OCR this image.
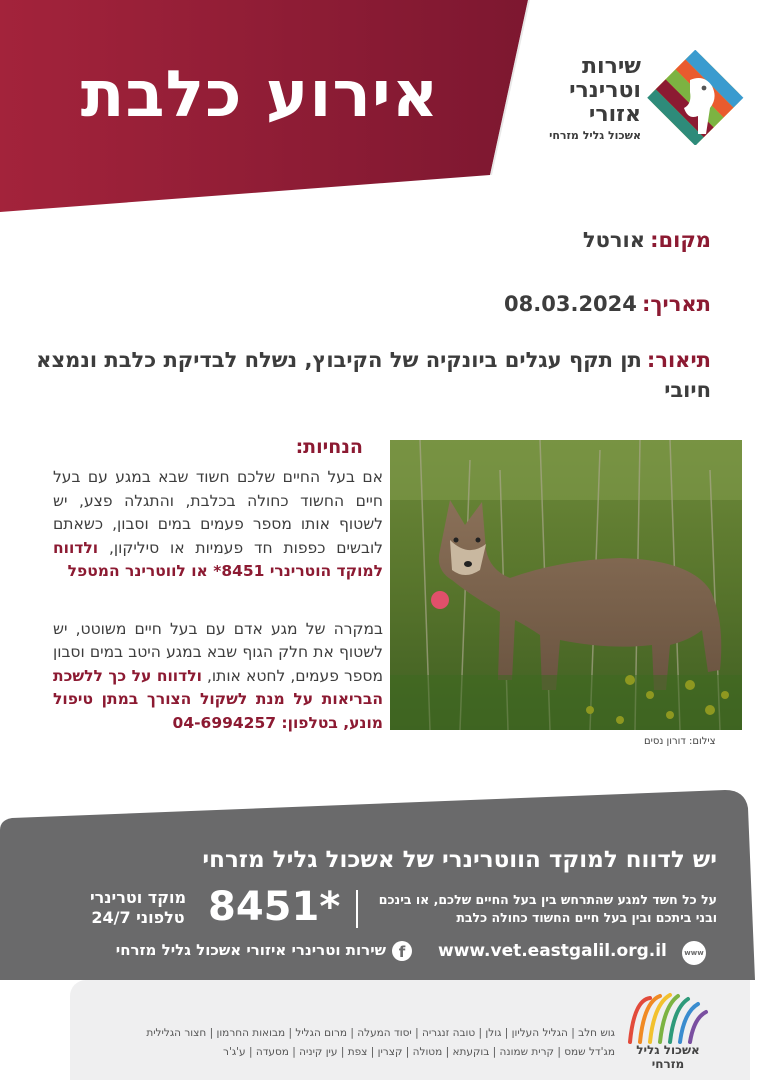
אירוע כלבת	שירות
וטרינרי
אזורי
אשכול גליל מזרחי
מקום: אורטל
תאריך: 08.03.2024
תיאור: תן תקף עגלים ביונקיה של הקיבוץ, נשלח לבדיקת כלבת ונמצא חיובי
הנחיות:
אם בעל החיים שלכם חשוד שבא במגע עם בעל חיים החשוד כחולה בכלבת, והתגלה פצע, יש לשטוף אותו מספר פעמים במים וסבון, כשאתם לובשים כפפות חד פעמיות או סיליקון, ולדווח למוקד הוטרינרי 8451* או לווטרינר המטפל
במקרה של מגע אדם עם בעל חיים משוטט, יש לשטוף את חלק הגוף שבא במגע היטב במים וסבון מספר פעמים, לחטא אותו, ולדווח על כך ללשכת הבריאות על מנת לשקול הצורך במתן טיפול מונע, בטלפון: 04-6994257
צילום: דורון נסים
יש לדווח למוקד הווטרינרי של אשכול גליל מזרחי
על כל חשד למגע שהתרחש בין בעל החיים שלכם, או בינכם ובני ביתכם ובין בעל חיים החשוד כחולה כלבת
8451*
מוקד וטרינרי טלפוני 24/7
www
www.vet.eastgalil.org.il
f
שירות וטרינרי איזורי אשכול גליל מזרחי
גוש חלב | הגליל העליון | גולן | טובה זנגריה | יסוד המעלה | מרום הגליל | מבואות החרמון | חצור הגלילית
מג'דל שמס | קרית שמונה | בוקעתא | מטולה | קצרין | צפת | עין קיניה | מסעדה | ע'ג'ר	אשכול גליל מזרחי
